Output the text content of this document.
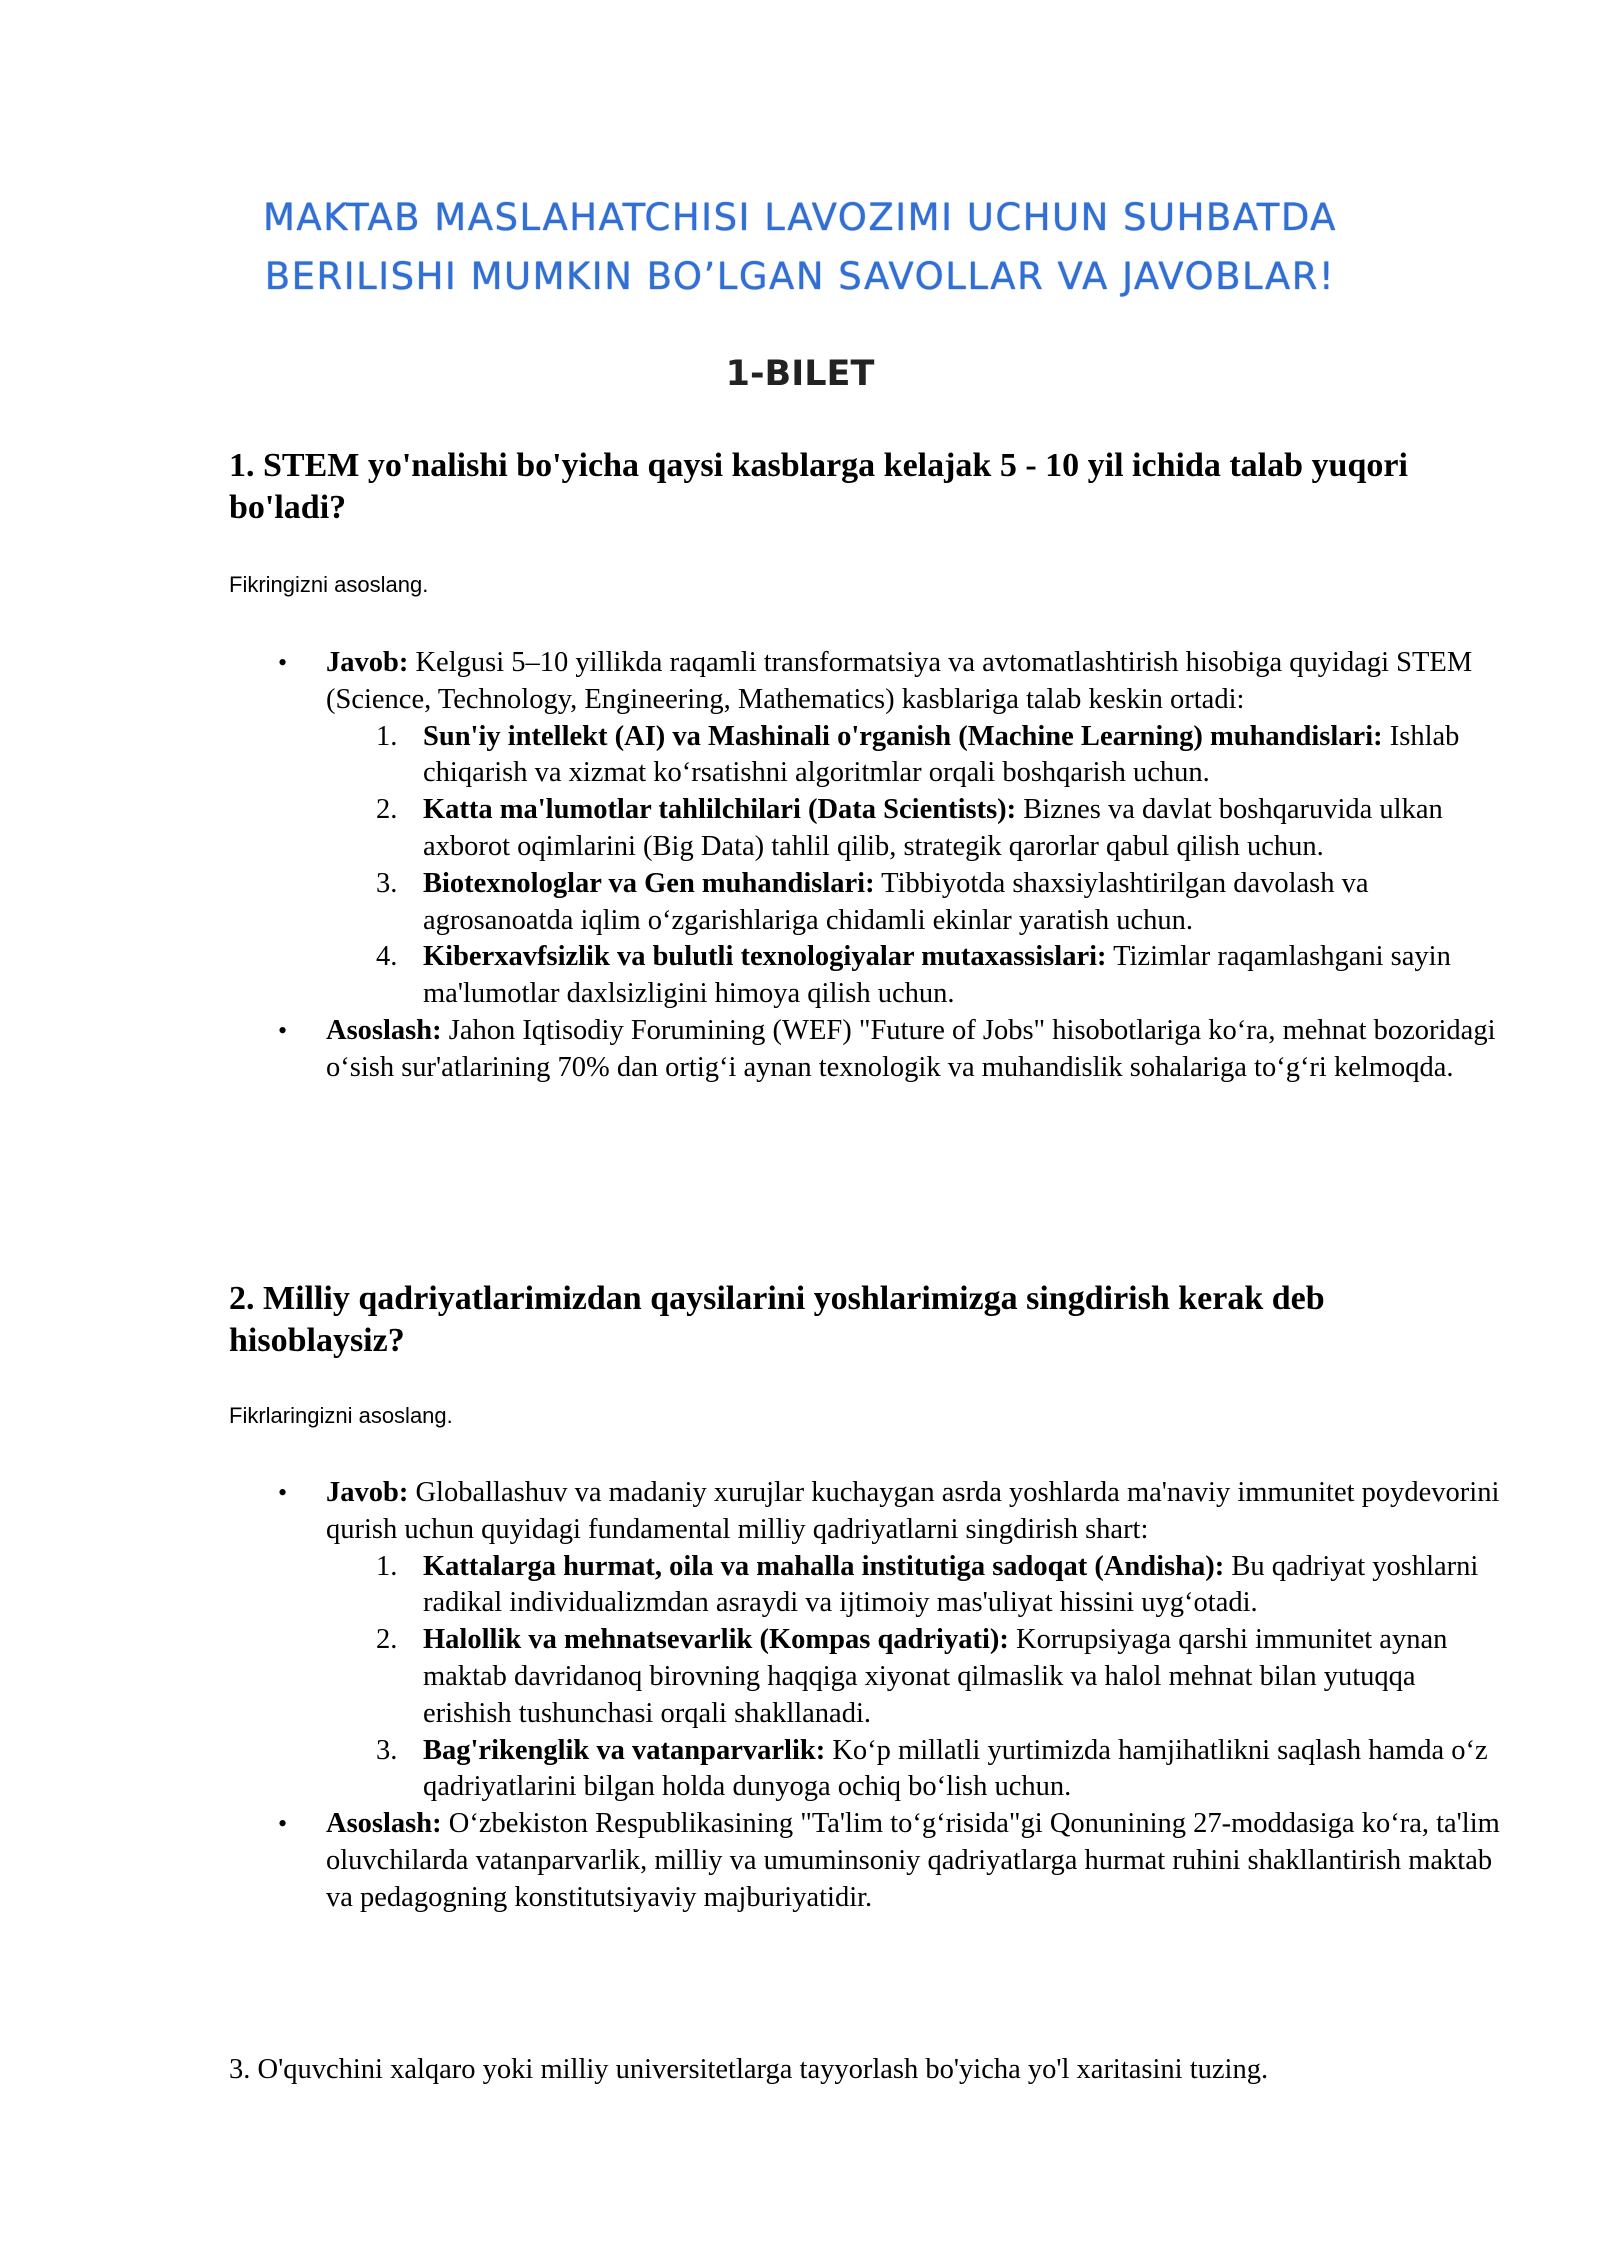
MAKTAB MASLAHATCHISI LAVOZIMI UCHUN SUHBATDA
BERILISHI MUMKIN BO’LGAN SAVOLLAR VA JAVOBLAR!
1-BILET
1. STEM yo'nalishi bo'yicha qaysi kasblarga kelajak 5 - 10 yil ichida talab yuqori bo'ladi?
Fikringizni asoslang.
• Javob: Kelgusi 5–10 yillikda raqamli transformatsiya va avtomatlashtirish hisobiga quyidagi STEM (Science, Technology, Engineering, Mathematics) kasblariga talab keskin ortadi:
1. Sun'iy intellekt (AI) va Mashinali o'rganish (Machine Learning) muhandislari: Ishlab chiqarish va xizmat ko‘rsatishni algoritmlar orqali boshqarish uchun.
2. Katta ma'lumotlar tahlilchilari (Data Scientists): Biznes va davlat boshqaruvida ulkan axborot oqimlarini (Big Data) tahlil qilib, strategik qarorlar qabul qilish uchun.
3. Biotexnologlar va Gen muhandislari: Tibbiyotda shaxsiylashtirilgan davolash va agrosanoatda iqlim o‘zgarishlariga chidamli ekinlar yaratish uchun.
4. Kiberxavfsizlik va bulutli texnologiyalar mutaxassislari: Tizimlar raqamlashgani sayin ma'lumotlar daxlsizligini himoya qilish uchun.
• Asoslash: Jahon Iqtisodiy Forumining (WEF) "Future of Jobs" hisobotlariga ko‘ra, mehnat bozoridagi o‘sish sur'atlarining 70% dan ortig‘i aynan texnologik va muhandislik sohalariga to‘g‘ri kelmoqda.
2. Milliy qadriyatlarimizdan qaysilarini yoshlarimizga singdirish kerak deb hisoblaysiz?
Fikrlaringizni asoslang.
• Javob: Globallashuv va madaniy xurujlar kuchaygan asrda yoshlarda ma'naviy immunitet poydevorini qurish uchun quyidagi fundamental milliy qadriyatlarni singdirish shart:
1. Kattalarga hurmat, oila va mahalla institutiga sadoqat (Andisha): Bu qadriyat yoshlarni radikal individualizmdan asraydi va ijtimoiy mas'uliyat hissini uyg‘otadi.
2. Halollik va mehnatsevarlik (Kompas qadriyati): Korrupsiyaga qarshi immunitet aynan maktab davridanoq birovning haqqiga xiyonat qilmaslik va halol mehnat bilan yutuqqa erishish tushunchasi orqali shakllanadi.
3. Bag'rikenglik va vatanparvarlik: Ko‘p millatli yurtimizda hamjihatlikni saqlash hamda o‘z qadriyatlarini bilgan holda dunyoga ochiq bo‘lish uchun.
• Asoslash: O‘zbekiston Respublikasining "Ta'lim to‘g‘risida"gi Qonunining 27-moddasiga ko‘ra, ta'lim oluvchilarda vatanparvarlik, milliy va umuminsoniy qadriyatlarga hurmat ruhini shakllantirish maktab va pedagogning konstitutsiyaviy majburiyatidir.
3. O'quvchini xalqaro yoki milliy universitetlarga tayyorlash bo'yicha yo'l xaritasini tuzing.
